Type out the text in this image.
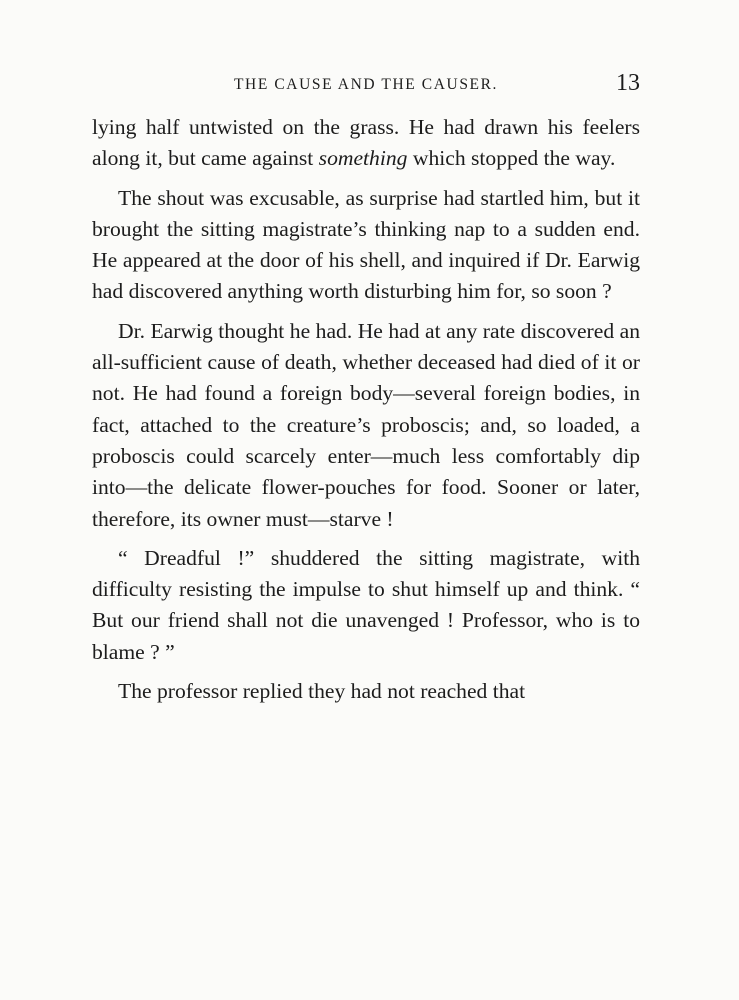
THE CAUSE AND THE CAUSER.	13

lying half untwisted on the grass. He had drawn his feelers along it, but came against something which stopped the way.

The shout was excusable, as surprise had startled him, but it brought the sitting magistrate’s thinking nap to a sudden end. He appeared at the door of his shell, and inquired if Dr. Earwig had discovered anything worth disturbing him for, so soon ?

Dr. Earwig thought he had. He had at any rate discovered an all-sufficient cause of death, whether deceased had died of it or not. He had found a foreign body—several foreign bodies, in fact, attached to the creature’s proboscis; and, so loaded, a proboscis could scarcely enter—much less comfortably dip into—the delicate flower-pouches for food. Sooner or later, therefore, its owner must—starve !

“ Dreadful !” shuddered the sitting magistrate, with difficulty resisting the impulse to shut himself up and think. “ But our friend shall not die unavenged ! Professor, who is to blame ? ”

The professor replied they had not reached that
